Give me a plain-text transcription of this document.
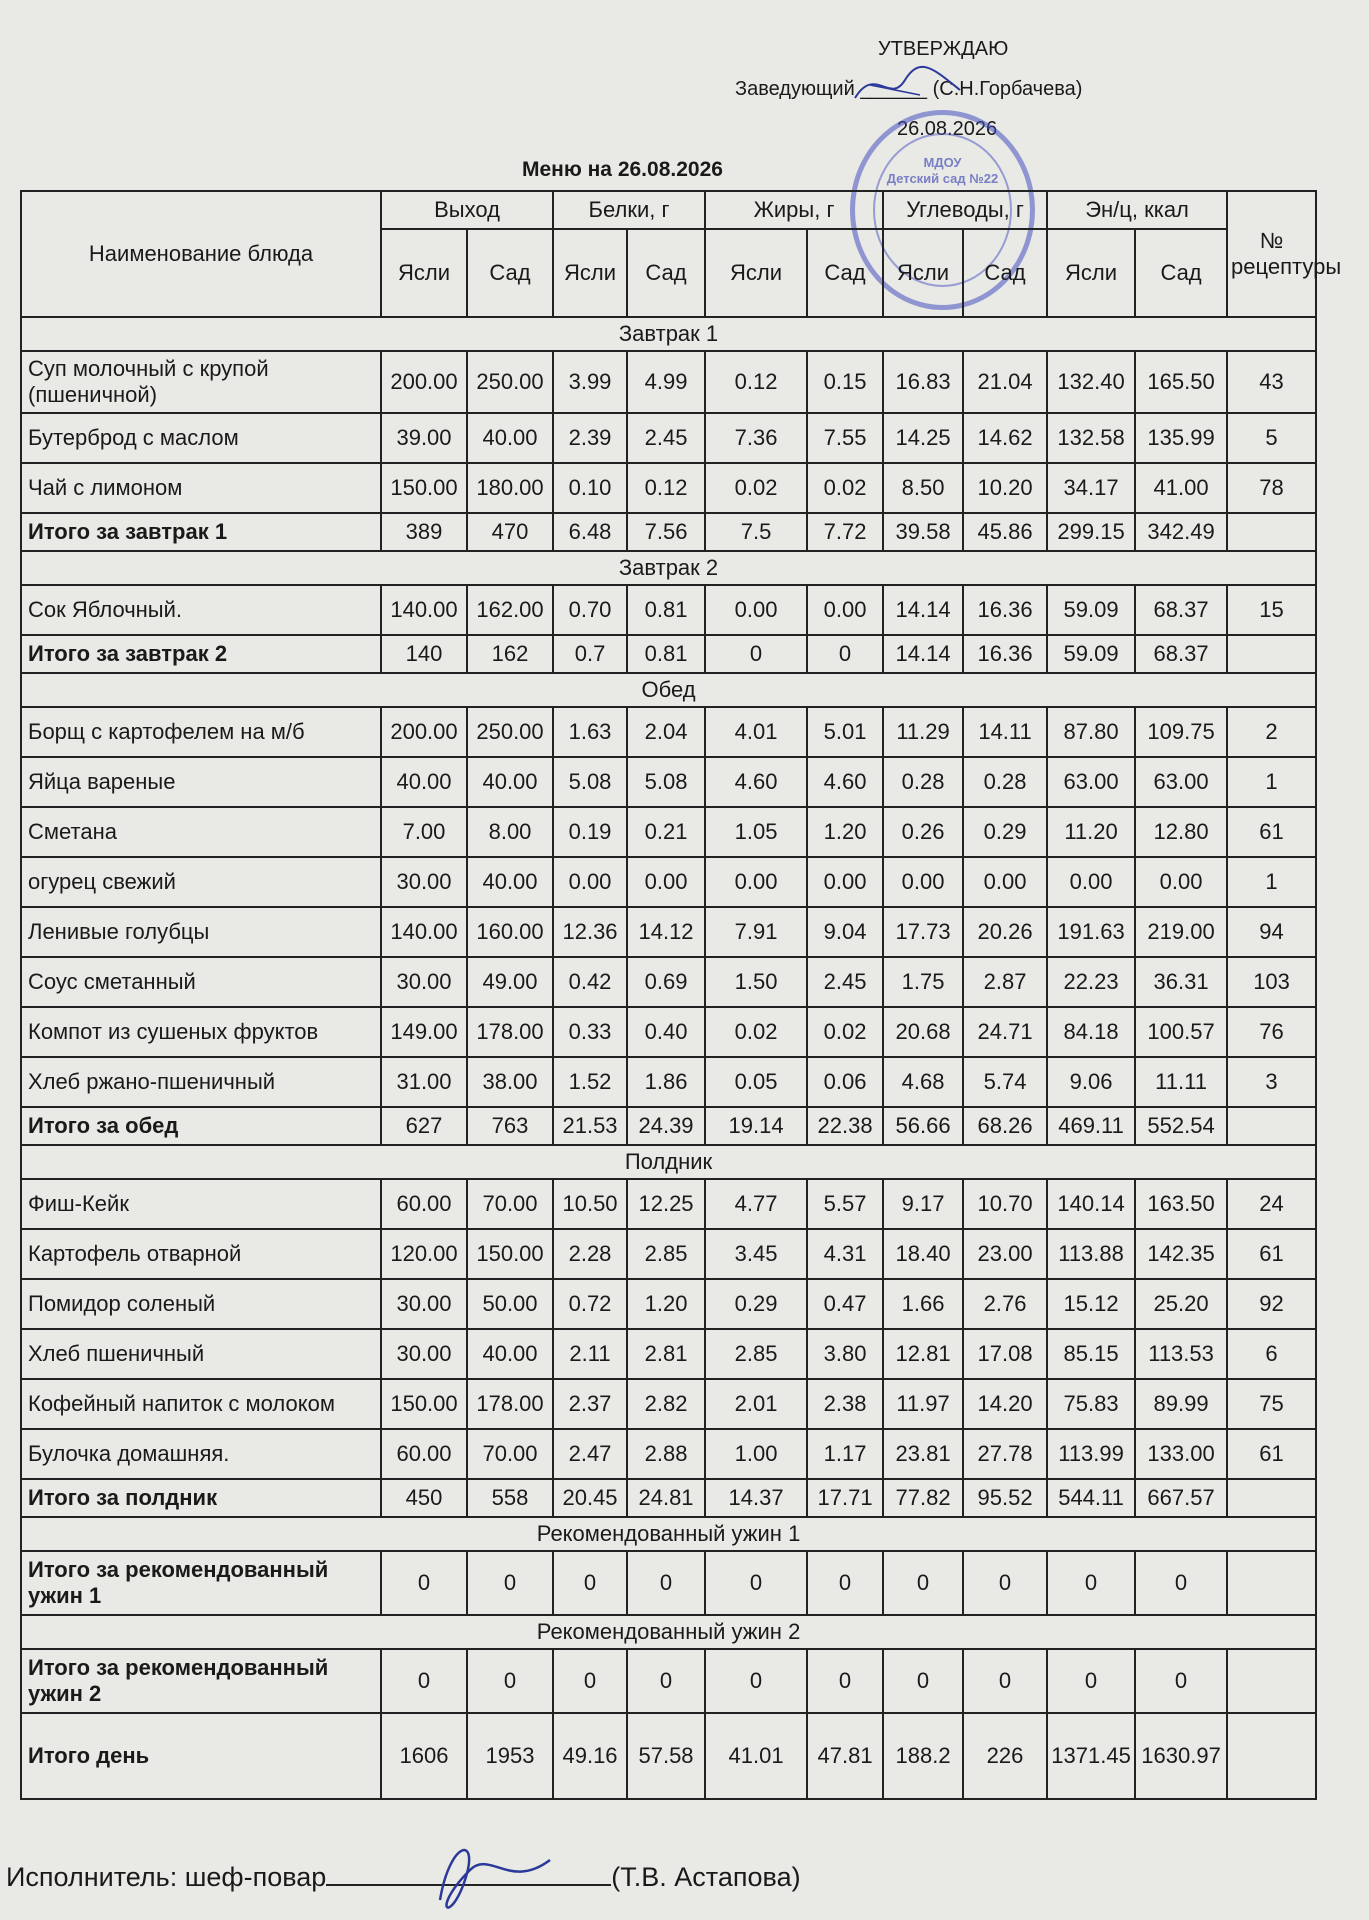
УТВЕРЖДАЮ
Заведующий ______ (С.Н.Горбачева)
26.08.2026
МДОУ
Детский сад №22
Меню на 26.08.2026
Наименование блюда	Выход		Белки, г		Жиры, г		Углеводы, г		Эн/ц, ккал		№ рецептуры
	Ясли	Сад	Ясли	Сад	Ясли	Сад	Ясли	Сад	Ясли	Сад	
Завтрак 1											
Суп молочный с крупой (пшеничной)	200.00	250.00	3.99	4.99	0.12	0.15	16.83	21.04	132.40	165.50	43
Бутерброд с маслом	39.00	40.00	2.39	2.45	7.36	7.55	14.25	14.62	132.58	135.99	5
Чай с лимоном	150.00	180.00	0.10	0.12	0.02	0.02	8.50	10.20	34.17	41.00	78
Итого за завтрак 1	389	470	6.48	7.56	7.5	7.72	39.58	45.86	299.15	342.49	
Завтрак 2											
Сок Яблочный.	140.00	162.00	0.70	0.81	0.00	0.00	14.14	16.36	59.09	68.37	15
Итого за завтрак 2	140	162	0.7	0.81	0	0	14.14	16.36	59.09	68.37	
Обед											
Борщ с картофелем на м/б	200.00	250.00	1.63	2.04	4.01	5.01	11.29	14.11	87.80	109.75	2
Яйца вареные	40.00	40.00	5.08	5.08	4.60	4.60	0.28	0.28	63.00	63.00	1
Сметана	7.00	8.00	0.19	0.21	1.05	1.20	0.26	0.29	11.20	12.80	61
огурец свежий	30.00	40.00	0.00	0.00	0.00	0.00	0.00	0.00	0.00	0.00	1
Ленивые голубцы	140.00	160.00	12.36	14.12	7.91	9.04	17.73	20.26	191.63	219.00	94
Соус сметанный	30.00	49.00	0.42	0.69	1.50	2.45	1.75	2.87	22.23	36.31	103
Компот из сушеных фруктов	149.00	178.00	0.33	0.40	0.02	0.02	20.68	24.71	84.18	100.57	76
Хлеб ржано-пшеничный	31.00	38.00	1.52	1.86	0.05	0.06	4.68	5.74	9.06	11.11	3
Итого за обед	627	763	21.53	24.39	19.14	22.38	56.66	68.26	469.11	552.54	
Полдник											
Фиш-Кейк	60.00	70.00	10.50	12.25	4.77	5.57	9.17	10.70	140.14	163.50	24
Картофель отварной	120.00	150.00	2.28	2.85	3.45	4.31	18.40	23.00	113.88	142.35	61
Помидор соленый	30.00	50.00	0.72	1.20	0.29	0.47	1.66	2.76	15.12	25.20	92
Хлеб пшеничный	30.00	40.00	2.11	2.81	2.85	3.80	12.81	17.08	85.15	113.53	6
Кофейный напиток с молоком	150.00	178.00	2.37	2.82	2.01	2.38	11.97	14.20	75.83	89.99	75
Булочка домашняя.	60.00	70.00	2.47	2.88	1.00	1.17	23.81	27.78	113.99	133.00	61
Итого за полдник	450	558	20.45	24.81	14.37	17.71	77.82	95.52	544.11	667.57	
Рекомендованный ужин 1											
Итого за рекомендованный ужин 1	0	0	0	0	0	0	0	0	0	0	
Рекомендованный ужин 2											
Итого за рекомендованный ужин 2	0	0	0	0	0	0	0	0	0	0	
Итого день	1606	1953	49.16	57.58	41.01	47.81	188.2	226	1371.45	1630.97	
Исполнитель: шеф-повар	(Т.В. Астапова)
